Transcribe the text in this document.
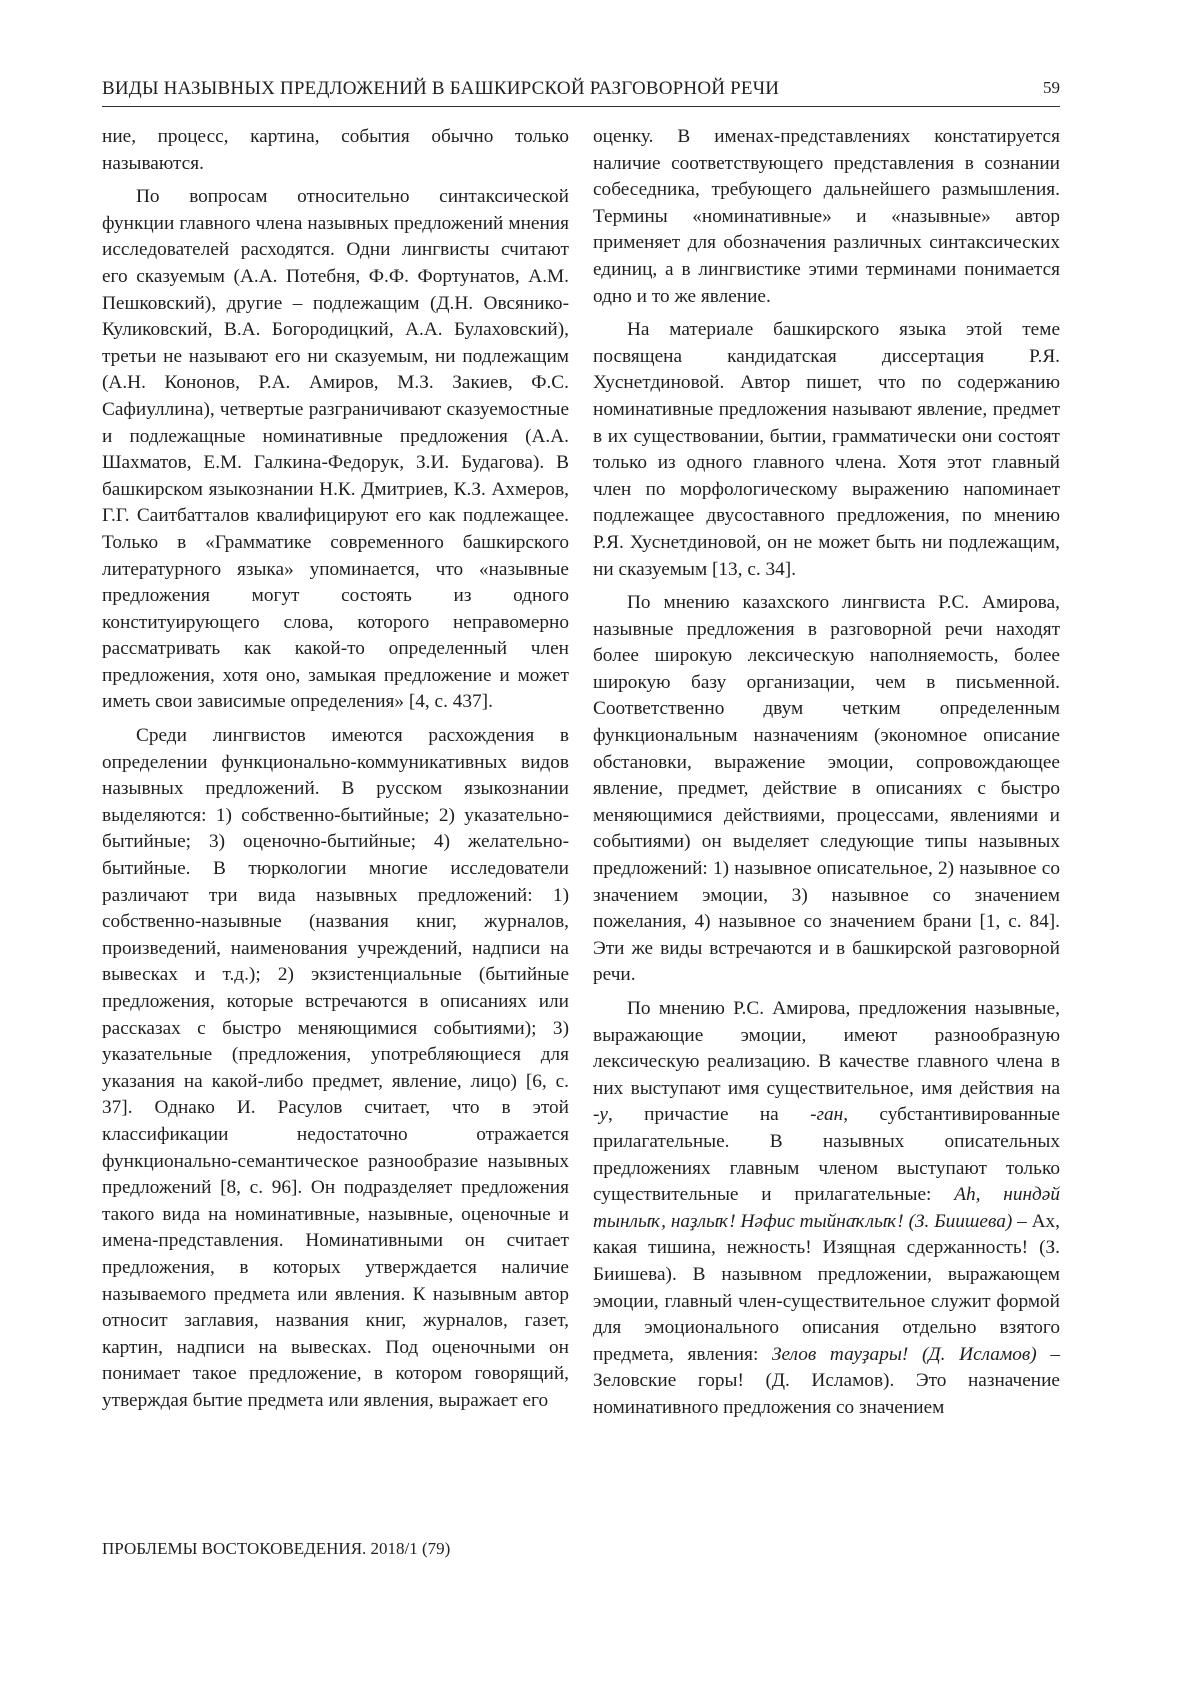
ВИДЫ НАЗЫВНЫХ ПРЕДЛОЖЕНИЙ В БАШКИРСКОЙ РАЗГОВОРНОЙ РЕЧИ	59

ние, процесс, картина, события обычно только называются.

По вопросам относительно синтаксической функции главного члена назывных предложений мнения исследователей расходятся. Одни лингвисты считают его сказуемым (А.А. Потебня, Ф.Ф. Фортунатов, А.М. Пешковский), другие – подлежащим (Д.Н. Овсянико-Куликовский, В.А. Богородицкий, А.А. Булаховский), третьи не называют его ни сказуемым, ни подлежащим (А.Н. Кононов, Р.А. Амиров, М.З. Закиев, Ф.С. Сафиуллина), четвертые разграничивают сказуемостные и подлежащные номинативные предложения (А.А. Шахматов, Е.М. Галкина-Федорук, З.И. Будагова). В башкирском языкознании Н.К. Дмитриев, К.З. Ахмеров, Г.Г. Саитбатталов квалифицируют его как подлежащее. Только в «Грамматике современного башкирского литературного языка» упоминается, что «назывные предложения могут состоять из одного конституирующего слова, которого неправомерно рассматривать как какой-то определенный член предложения, хотя оно, замыкая предложение и может иметь свои зависимые определения» [4, с. 437].

Среди лингвистов имеются расхождения в определении функционально-коммуникативных видов назывных предложений. В русском языкознании выделяются: 1) собственно-бытийные; 2) указательно-бытийные; 3) оценочно-бытийные; 4) желательно-бытийные. В тюркологии многие исследователи различают три вида назывных предложений: 1) собственно-назывные (названия книг, журналов, произведений, наименования учреждений, надписи на вывесках и т.д.); 2) экзистенциальные (бытийные предложения, которые встречаются в описаниях или рассказах с быстро меняющимися событиями); 3) указательные (предложения, употребляющиеся для указания на какой-либо предмет, явление, лицо) [6, с. 37]. Однако И. Расулов считает, что в этой классификации недостаточно отражается функционально-семантическое разнообразие назывных предложений [8, с. 96]. Он подразделяет предложения такого вида на номинативные, назывные, оценочные и имена-представления. Номинативными он считает предложения, в которых утверждается наличие называемого предмета или явления. К назывным автор относит заглавия, названия книг, журналов, газет, картин, надписи на вывесках. Под оценочными он понимает такое предложение, в котором говорящий, утверждая бытие предмета или явления, выражает его

оценку. В именах-представлениях констатируется наличие соответствующего представления в сознании собеседника, требующего дальнейшего размышления. Термины «номинативные» и «назывные» автор применяет для обозначения различных синтаксических единиц, а в лингвистике этими терминами понимается одно и то же явление.

На материале башкирского языка этой теме посвящена кандидатская диссертация Р.Я. Хуснетдиновой. Автор пишет, что по содержанию номинативные предложения называют явление, предмет в их существовании, бытии, грамматически они состоят только из одного главного члена. Хотя этот главный член по морфологическому выражению напоминает подлежащее двусоставного предложения, по мнению Р.Я. Хуснетдиновой, он не может быть ни подлежащим, ни сказуемым [13, с. 34].

По мнению казахского лингвиста Р.С. Амирова, назывные предложения в разговорной речи находят более широкую лексическую наполняемость, более широкую базу организации, чем в письменной. Соответственно двум четким определенным функциональным назначениям (экономное описание обстановки, выражение эмоции, сопровождающее явление, предмет, действие в описаниях с быстро меняющимися действиями, процессами, явлениями и событиями) он выделяет следующие типы назывных предложений: 1) назывное описательное, 2) назывное со значением эмоции, 3) назывное со значением пожелания, 4) назывное со значением брани [1, с. 84]. Эти же виды встречаются и в башкирской разговорной речи.

По мнению Р.С. Амирова, предложения назывные, выражающие эмоции, имеют разнообразную лексическую реализацию. В качестве главного члена в них выступают имя существительное, имя действия на -у, причастие на -ган, субстантивированные прилагательные. В назывных описательных предложениях главным членом выступают только существительные и прилагательные: Аһ, ниндәй тынлыҡ, наҙлыҡ! Нәфис тыйнаҡлыҡ! (З. Биишева) – Ах, какая тишина, нежность! Изящная сдержанность! (З. Биишева). В назывном предложении, выражающем эмоции, главный член-существительное служит формой для эмоционального описания отдельно взятого предмета, явления: Зелов тауҙары! (Д. Исламов) – Зеловские горы! (Д. Исламов). Это назначение номинативного предложения со значением

ПРОБЛЕМЫ ВОСТОКОВЕДЕНИЯ. 2018/1 (79)
